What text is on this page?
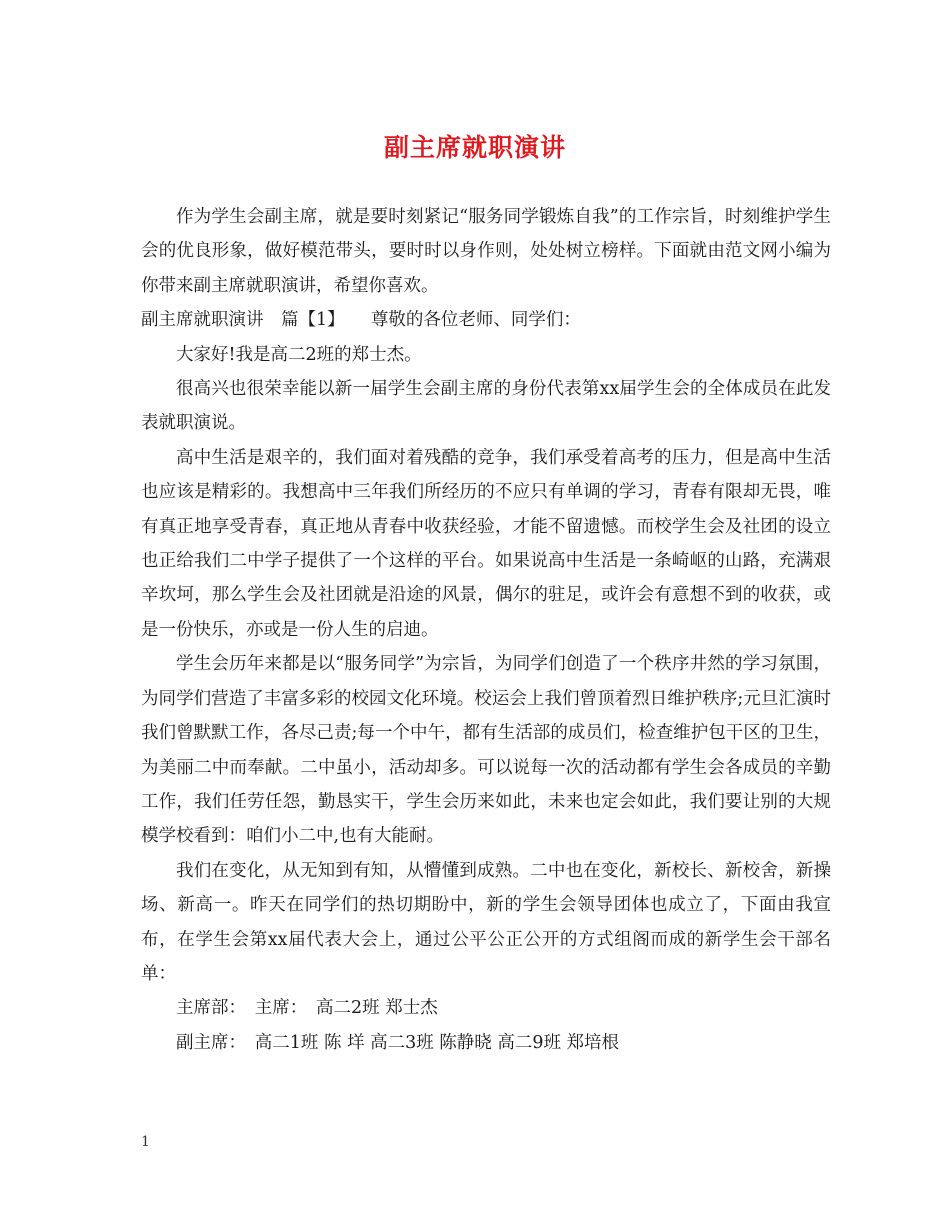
副主席就职演讲

作为学生会副主席，就是要时刻紧记“服务同学锻炼自我”的工作宗旨，时刻维护学生会的优良形象，做好模范带头，要时时以身作则，处处树立榜样。下面就由范文网小编为你带来副主席就职演讲，希望你喜欢。

副主席就职演讲　篇【1】　　尊敬的各位老师、同学们：

大家好!我是高二2班的郑士杰。

很高兴也很荣幸能以新一届学生会副主席的身份代表第xx届学生会的全体成员在此发表就职演说。

高中生活是艰辛的，我们面对着残酷的竞争，我们承受着高考的压力，但是高中生活也应该是精彩的。我想高中三年我们所经历的不应只有单调的学习，青春有限却无畏，唯有真正地享受青春，真正地从青春中收获经验，才能不留遗憾。而校学生会及社团的设立也正给我们二中学子提供了一个这样的平台。如果说高中生活是一条崎岖的山路，充满艰辛坎坷，那么学生会及社团就是沿途的风景，偶尔的驻足，或许会有意想不到的收获，或是一份快乐，亦或是一份人生的启迪。

学生会历年来都是以“服务同学”为宗旨，为同学们创造了一个秩序井然的学习氛围，为同学们营造了丰富多彩的校园文化环境。校运会上我们曾顶着烈日维护秩序;元旦汇演时我们曾默默工作，各尽己责;每一个中午，都有生活部的成员们，检查维护包干区的卫生，为美丽二中而奉献。二中虽小，活动却多。可以说每一次的活动都有学生会各成员的辛勤工作，我们任劳任怨，勤恳实干，学生会历来如此，未来也定会如此，我们要让别的大规模学校看到：咱们小二中,也有大能耐。

我们在变化，从无知到有知，从懵懂到成熟。二中也在变化，新校长、新校舍，新操场、新高一。昨天在同学们的热切期盼中，新的学生会领导团体也成立了，下面由我宣布，在学生会第xx届代表大会上，通过公平公正公开的方式组阁而成的新学生会干部名单：

主席部：　主席：　高二2班 郑士杰

副主席：　高二1班 陈 垟 高二3班 陈静晓 高二9班 郑培根

1
